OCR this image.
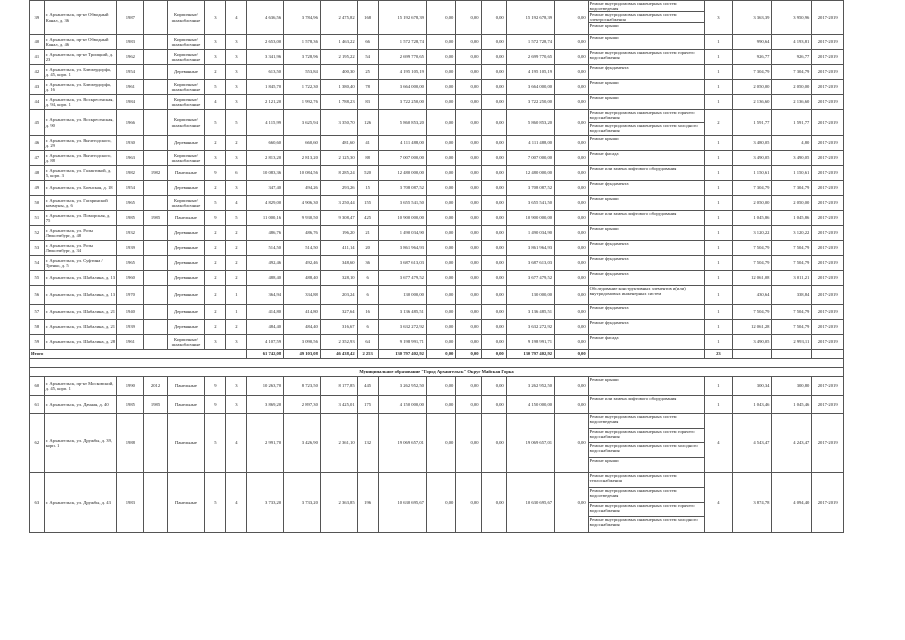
39	г. Архангельск, пр-кт Обводный Канал, д. 36	1987		Кирпичные/ шлакоблочные	3	4	4 636,56	3 784,96	2 475,82	168	15 192 678,39	0,00	0,00	0,00	15 192 678,39	0,00	Ремонт внутридомовых инженерных систем водоотведения
Ремонт внутридомовых инженерных систем электроснабжения
Ремонт крыши	3	3 363,39	3 950,96	2017-2019
40	г. Архангельск, пр-кт Обводный Канал, д. 46	1983		Кирпичные/ шлакоблочные	3	3	2 653,00	1 578,36	1 463,22	66	1 572 728,74	0,00	0,00	0,00	1 572 728,74	0,00	Ремонт крыши	1	990,64	4 193,81	2017-2019
41	г. Архангельск, пр-кт Троицкий, д. 23	1962		Кирпичные/ шлакоблочные	3	3	3 341,96	3 728,96	2 195,22	54	2 699 770,65	0,00	0,00	0,00	2 699 770,65	0,00	Ремонт внутридомовых инженерных систем горячего водоснабжения	1	926,77	926,77	2017-2019
42	г. Архангельск, ул. Блюхердорфа, д. 45, корп. 1	1954		Деревянные	2	3	613,50	553,84	400,30	25	4 195 105,19	0,00	0,00	0,00	4 195 105,19	0,00	Ремонт фундамента	1	7 304,79	7 304,79	2017-2019
43	г. Архангельск, ул. Блюхердорфа, д. 16	1961		Кирпичные/ шлакоблочные	5	3	1 845,70	1 722,30	1 380,40	78	3 664 000,00	0,00	0,00	0,00	3 664 000,00	0,00	Ремонт крыши	1	2 050,00	2 050,00	2017-2019
44	г. Архангельск, ул. Воскресенская, д. 94, корп. 1	1984		Кирпичные/ шлакоблочные	4	3	2 121,20	1 992,76	1 788,23	83	3 722 250,00	0,00	0,00	0,00	3 722 250,00	0,00	Ремонт крыши	1	2 136,60	2 136,60	2017-2019
45	г. Архангельск, ул. Воскресенская, д. 90	1966		Кирпичные/ шлакоблочные	5	5	4 115,99	3 625,94	3 350,70	126	5 860 853,20	0,00	0,00	0,00	5 860 853,20	0,00	Ремонт внутридомовых инженерных систем горячего водоснабжения
Ремонт внутридомовых инженерных систем холодного водоснабжения	2	1 591,77	1 591,77	2017-2019
46	г. Архангельск, ул. Вычегодского, д. 29	1930		Деревянные	2	2	660,60	660,60	481,60	41	4 111 488,00	0,00	0,00	0,00	4 111 488,00	0,00	Ремонт крыши	1	3 480,05	4,80	2017-2019
47	г. Архангельск, ул. Вычегодского, д. 88	1963		Кирпичные/ шлакоблочные	3	3	2 813,20	2 813,20	2 125,30	88	7 007 000,00	0,00	0,00	0,00	7 007 000,00	0,00	Ремонт фасада	1	3 490,05	3 490,05	2017-2019
48	г. Архангельск, ул. Галактикой, д. 5, корп. 3	1982	1982	Панельные	9	6	10 083,36	10 084,56	8 285,24	520	12 480 000,00	0,00	0,00	0,00	12 480 000,00	0,00	Ремонт или замена лифтового оборудования	1	1 150,61	1 150,61	2017-2019
49	г. Архангельск, ул. Боенская, д. 18	1954		Деревянные	2	3	347,40	494,26	293,26	15	3 708 087,52	0,00	0,00	0,00	3 708 087,52	0,00	Ремонт фундамента	1	7 304,79	7 304,79	2017-2019
50	г. Архангельск, ул. Гагаринской коммуны, д. 6	1965		Кирпичные/ шлакоблочные	5	4	4 829,00	4 906,30	3 250,44	155	3 655 541,50	0,00	0,00	0,00	3 655 541,50	0,00	Ремонт крыши	1	2 050,00	2 050,00	2017-2019
51	г. Архангельск, ул. Поморская, д. 75	1985	1985	Панельные	9	5	11 000,16	9 930,50	9 308,47	425	10 900 000,00	0,00	0,00	0,00	10 900 000,00	0,00	Ремонт или замена лифтового оборудования	1	1 045,86	1 045,86	2017-2019
52	г. Архангельск, ул. Розы Люксембург, д. 48	1932		Деревянные	2	2	486,76	486,76	196,20	21	1 490 034,90	0,00	0,00	0,00	1 490 034,90	0,00	Ремонт крыши	1	3 120,22	3 120,22	2017-2019
53	г. Архангельск, ул. Розы Люксембург, д. 34	1939		Деревянные	2	2	514,50	514,50	411,14	20	3 861 964,93	0,00	0,00	0,00	3 861 964,93	0,00	Ремонт фундамента	1	7 504,79	7 504,79	2017-2019
54	г. Архангельск, ул. Суфтина / Тренко, д. 5	1965		Деревянные	2	2	492,46	492,46	348,60	36	3 687 613,03	0,00	0,00	0,00	3 687 613,03	0,00	Ремонт фундамента	1	7 504,79	7 504,79	2017-2019
55	г. Архангельск, ул. Шабалина, д. 13	1960		Деревянные	2	2	488,40	488,40	328,10	6	3 677 479,52	0,00	0,00	0,00	3 677 479,52	0,00	Ремонт фундамента	1	12 061,08	3 011,21	2017-2019
56	г. Архангельск, ул. Шабалина, д. 13	1970		Деревянные	2	1	364,94	334,88	203,24	6	130 000,00	0,00	0,00	0,00	130 000,00	0,00	Обследование конструктивных элементов и(или) внутридомовых инженерных систем	1	430,64	338,84	2017-2019
57	г. Архангельск, ул. Шабалина, д. 21	1940		Деревянные	2	1	414,80	414,80	327,64	16	3 136 485,51	0,00	0,00	0,00	3 136 485,51	0,00	Ремонт фундамента	1	7 504,79	7 504,79	2017-2019
58	г. Архангельск, ул. Шабалина, д. 21	1939		Деревянные	2	2	484,40	484,40	316,67	6	3 632 272,92	0,00	0,00	0,00	3 632 272,92	0,00	Ремонт фундамента	1	12 061,28	7 504,79	2017-2019
59	г. Архангельск, ул. Шабалина, д. 28	1961		Кирпичные/ шлакоблочные	3	3	4 107,59	3 090,56	2 352,93	64	9 198 991,71	0,00	0,00	0,00	9 198 991,71	0,00	Ремонт фасада	1	3 490,05	2 993,11	2017-2019
Итого							61 742,08	49 103,08	46 438,42	2 253	130 797 402,92	0,00	0,00	0,00	130 797 402,92	0,00		23			

Муниципальное образование "Город Архангельск" Округ Майская Горка																					
60	г. Архангельск, пр-кт Московский, д. 45, корп. 1	1990	2012	Панельные	9	3	10 263,70	8 723,50	8 177,85	445	3 262 952,50	0,00	0,00	0,00	3 262 952,50	0,00	Ремонт крыши	1	300,34	300,80	2017-2019
61	г. Архангельск, ул. Дачная, д. 40	1985	1985	Панельные	9	3	3 869,20	2 897,30	3 425,01	175	4 150 000,00	0,00	0,00	0,00	4 150 000,00	0,00	Ремонт или замена лифтового оборудования	1	1 043,46	1 045,46	2017-2019
62	г. Архангельск, ул. Дружбы, д. 39, корп. 1	1988		Панельные	5	4	2 991,70	3 426,90	2 361,10	132	19 069 657,01	0,00	0,00	0,00	19 069 657,01	0,00	Ремонт внутридомовых инженерных систем водоотведения
Ремонт внутридомовых инженерных систем горячего водоснабжения
Ремонт внутридомовых инженерных систем холодного водоснабжения
Ремонт крыши	4	4 543,47	4 243,47	2017-2019
63	г. Архангельск, ул. Дружбы, д. 43	1983		Панельные	5	4	3 733,20	3 733,20	2 363,85	196	10 630 695,67	0,00	0,00	0,00	10 630 695,67	0,00	Ремонт внутридомовых инженерных систем теплоснабжения
Ремонт внутридомовых инженерных систем водоотведения
Ремонт внутридомовых инженерных систем горячего водоснабжения
Ремонт внутридомовых инженерных систем холодного водоснабжения	4	3 874,78	4 094,40	2017-2019
